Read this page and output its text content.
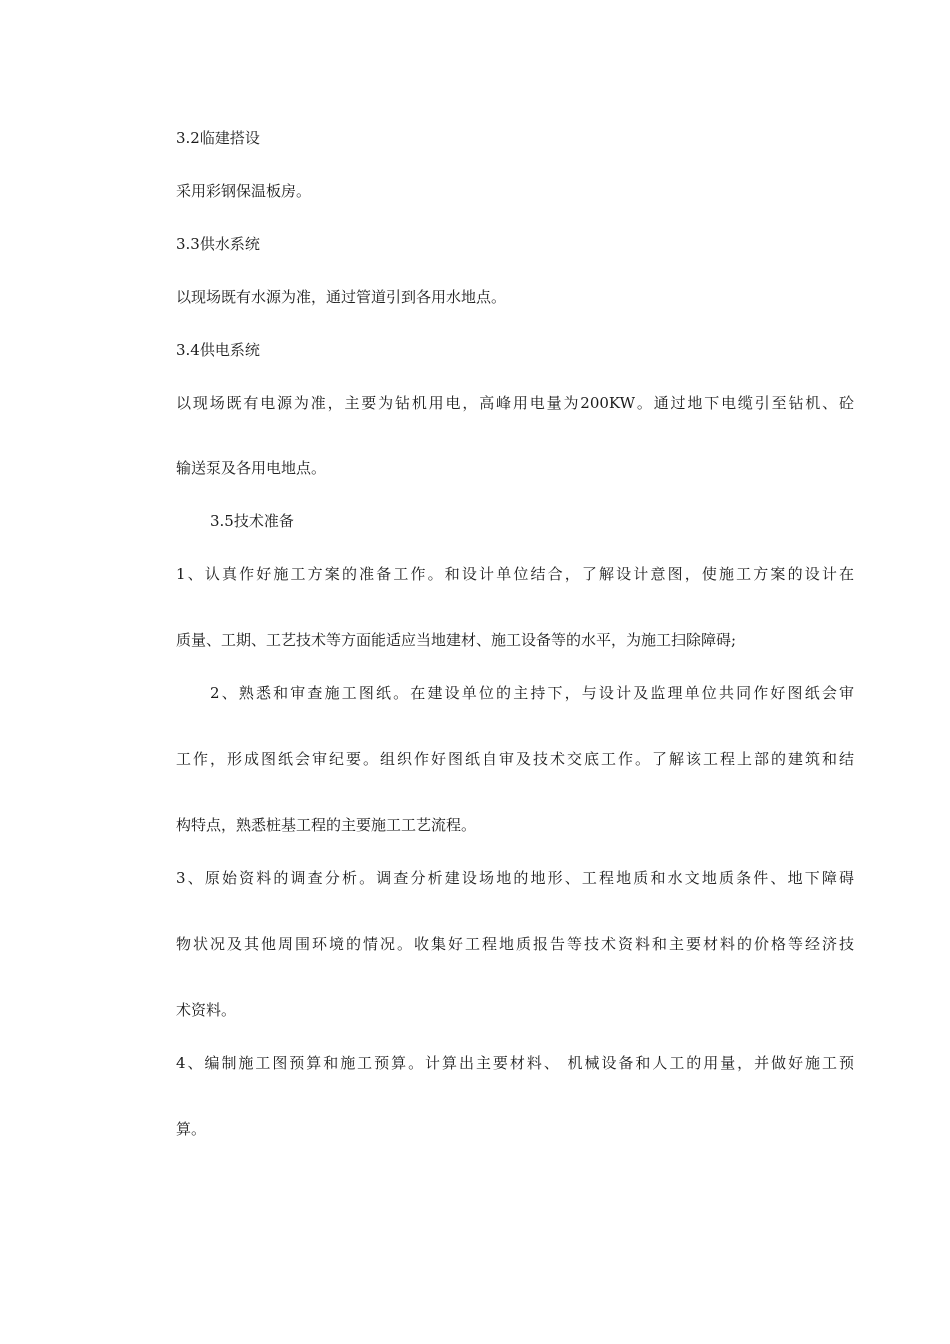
3.2临建搭设

采用彩钢保温板房。

3.3供水系统

以现场既有水源为准，通过管道引到各用水地点。

3.4供电系统

以现场既有电源为准，主要为钻机用电，高峰用电量为200KW。通过地下电缆引至钻机、砼

输送泵及各用电地点。

3.5技术准备

1、认真作好施工方案的准备工作。和设计单位结合，了解设计意图，使施工方案的设计在

质量、工期、工艺技术等方面能适应当地建材、施工设备等的水平，为施工扫除障碍;

2、熟悉和审查施工图纸。在建设单位的主持下，与设计及监理单位共同作好图纸会审

工作，形成图纸会审纪要。组织作好图纸自审及技术交底工作。了解该工程上部的建筑和结

构特点，熟悉桩基工程的主要施工工艺流程。

3、原始资料的调查分析。调查分析建设场地的地形、工程地质和水文地质条件、地下障碍

物状况及其他周围环境的情况。收集好工程地质报告等技术资料和主要材料的价格等经济技

术资料。

4、编制施工图预算和施工预算。计算出主要材料、 机械设备和人工的用量，并做好施工预

算。
